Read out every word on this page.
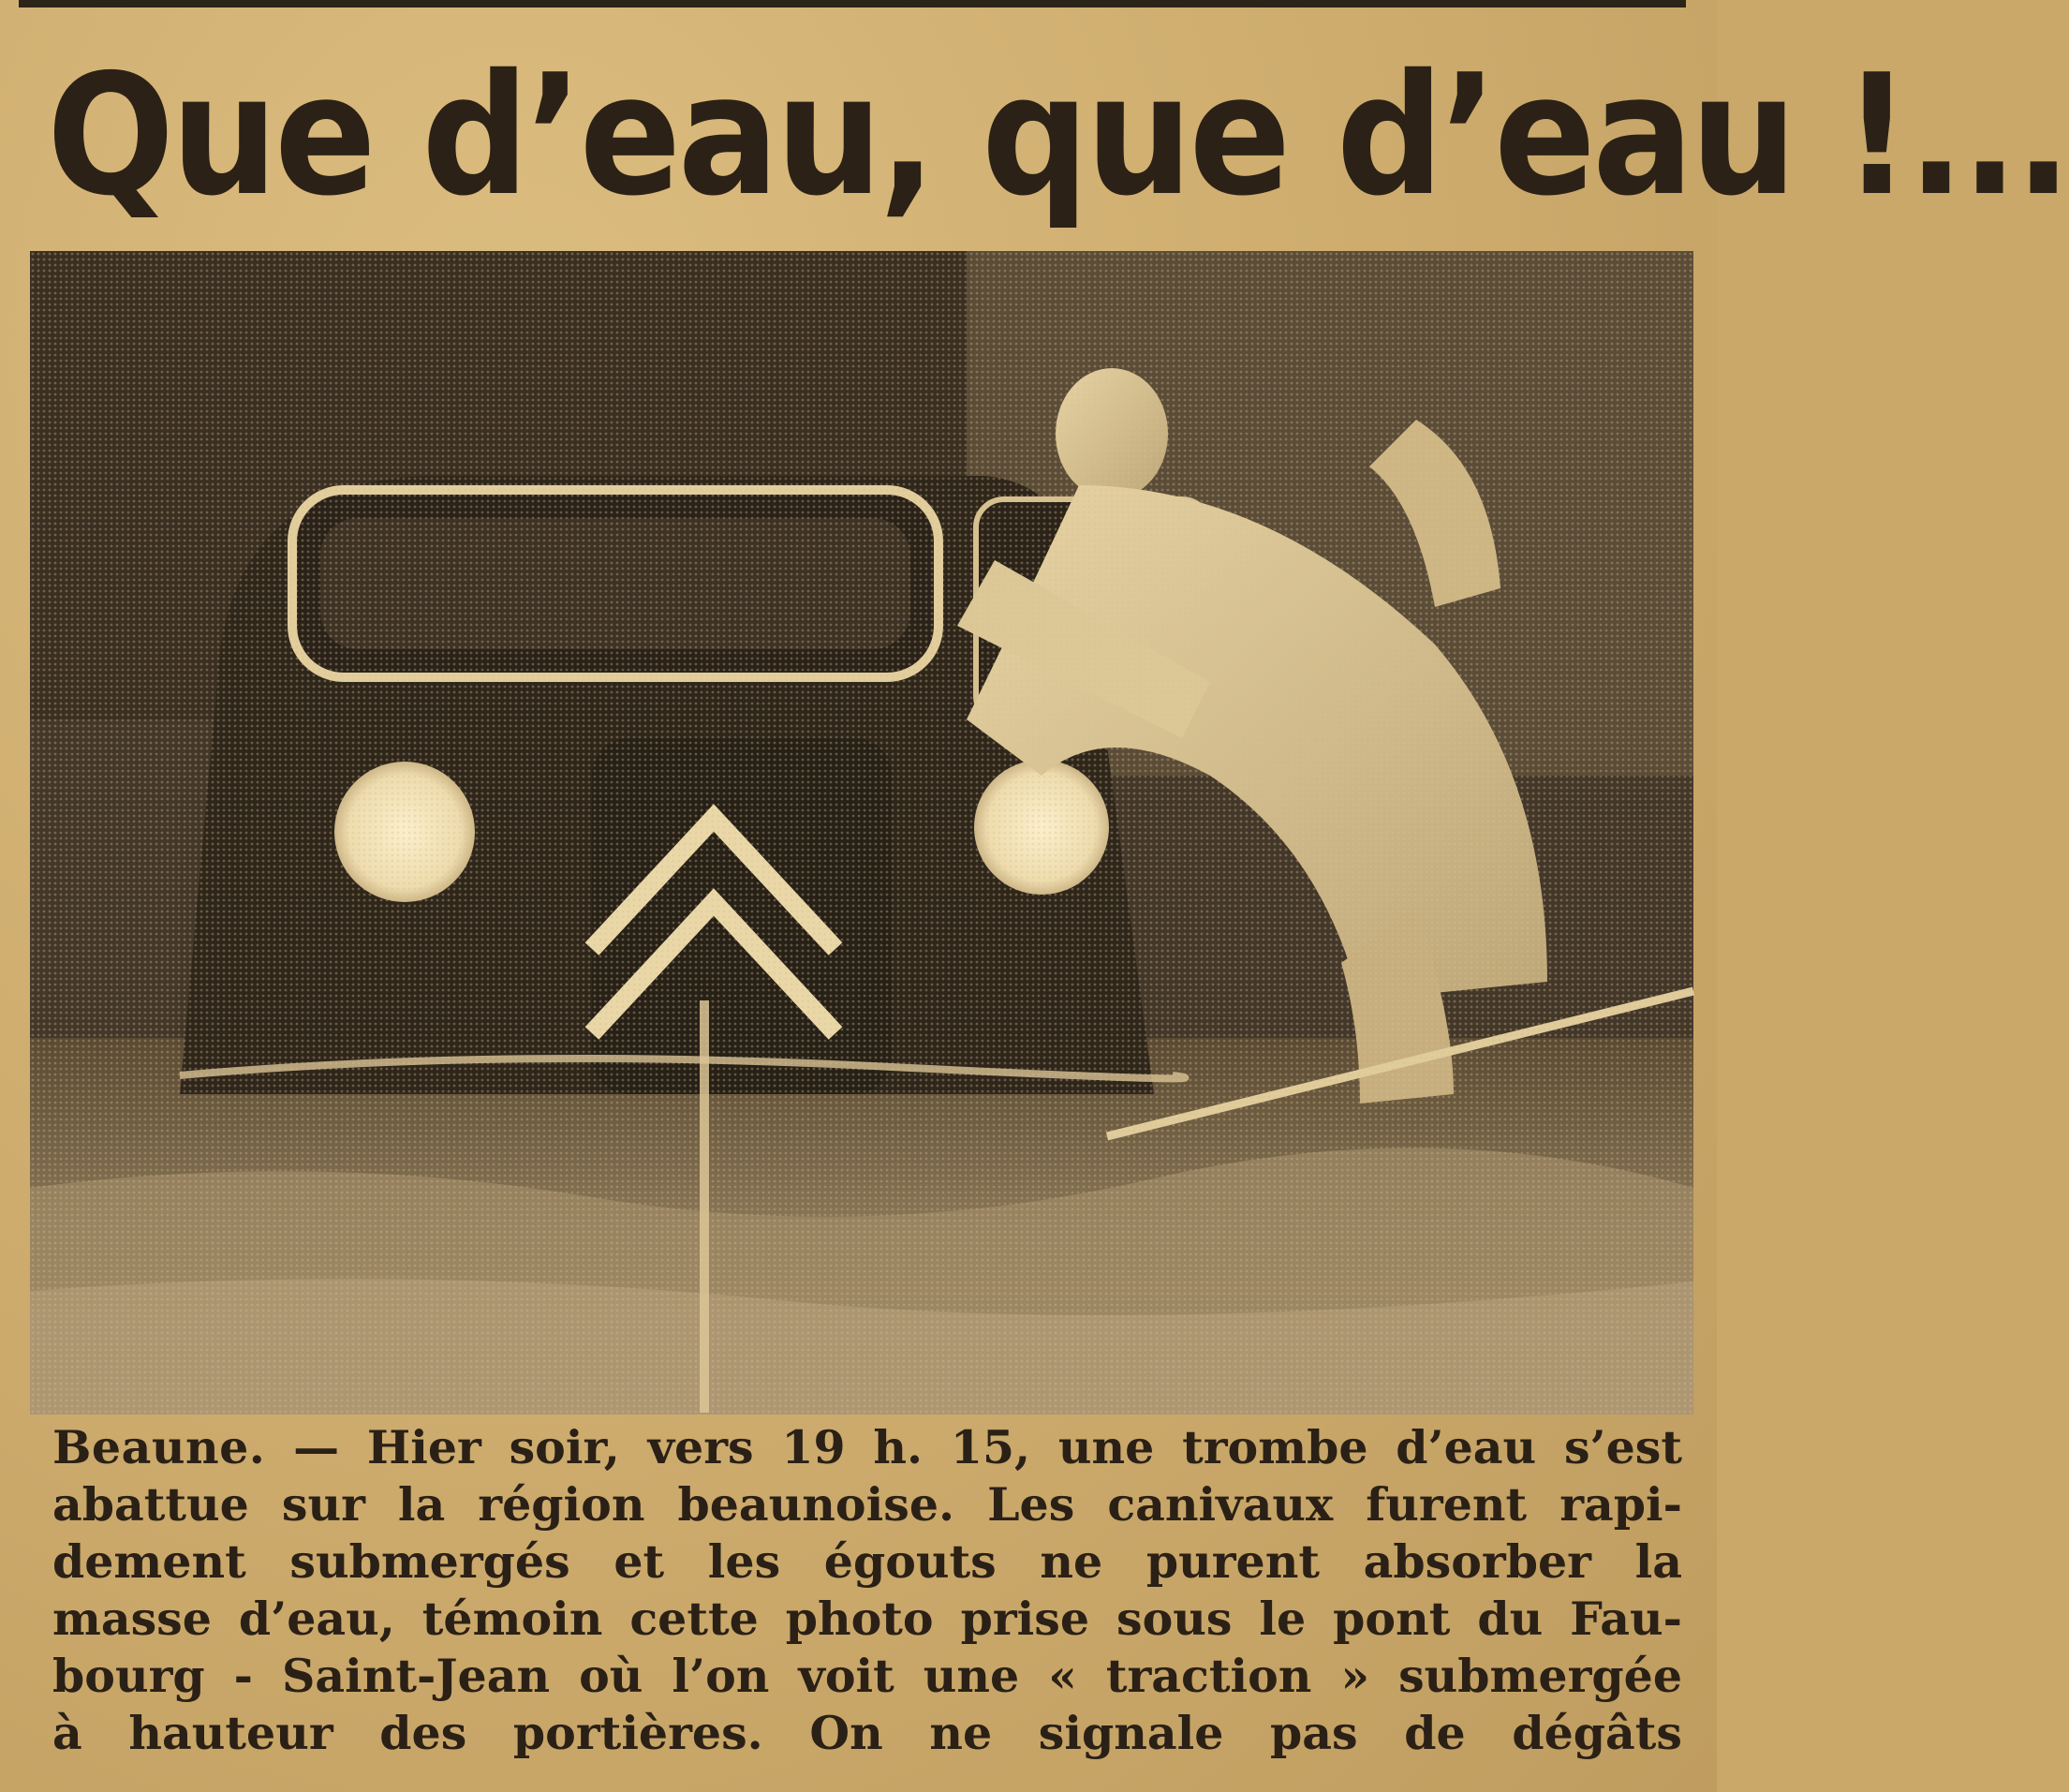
Que d’eau, que d’eau !...
Beaune. — Hier soir, vers 19 h. 15, une trombe d’eau s’est
abattue sur la région beaunoise. Les canivaux furent rapi-
dement submergés et les égouts ne purent absorber la
masse d’eau, témoin cette photo prise sous le pont du Fau-
bourg - Saint-Jean où l’on voit une « traction » submergée
à hauteur des portières. On ne signale pas de dégâts
